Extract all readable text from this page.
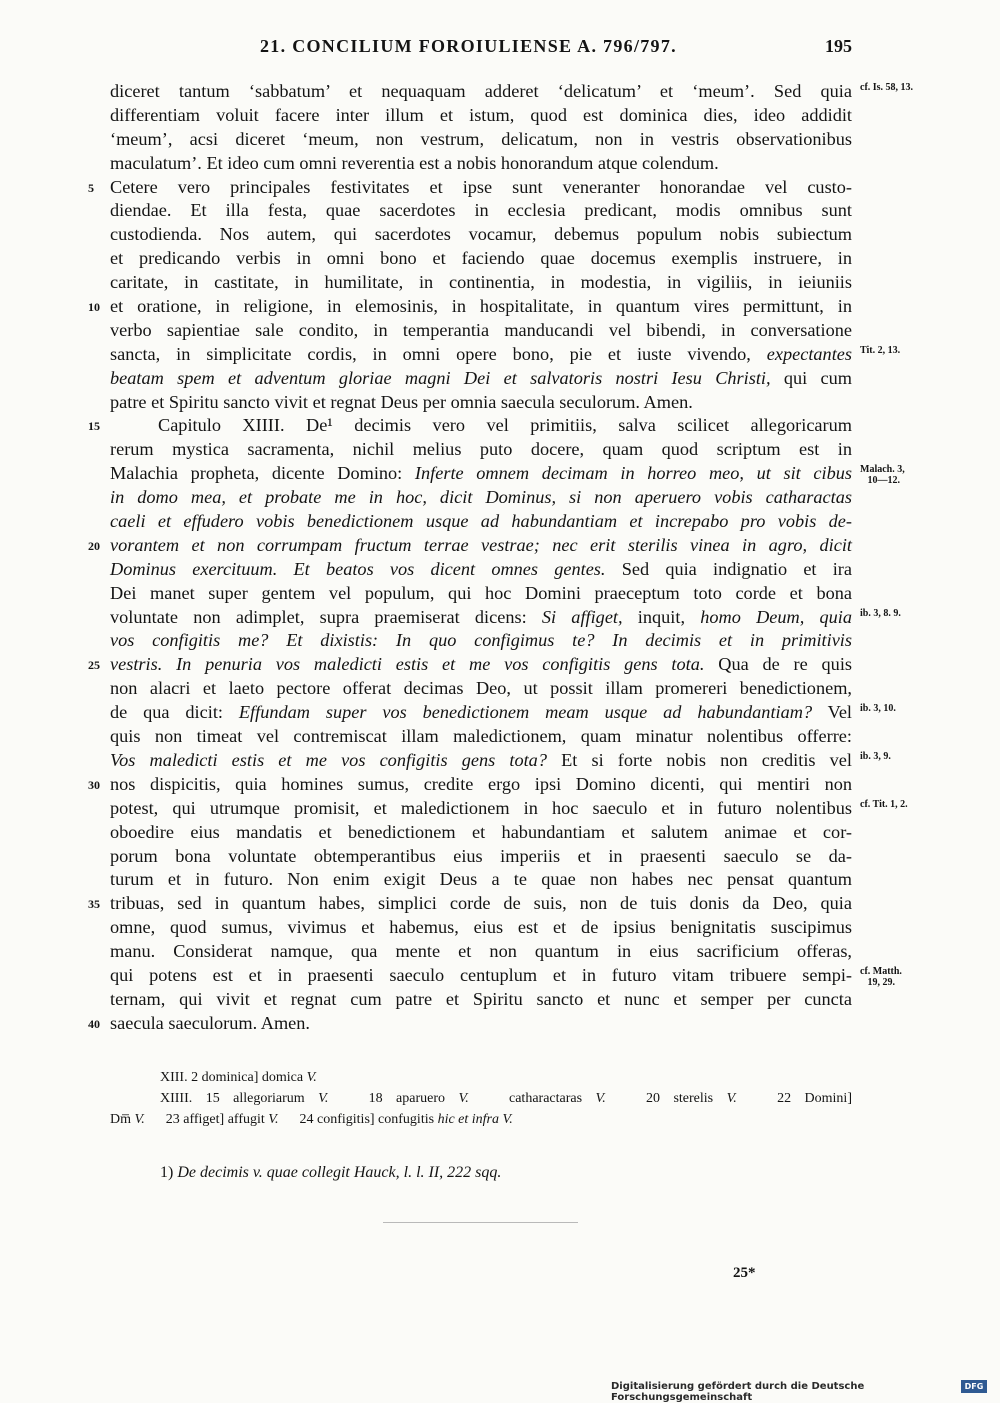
21. CONCILIUM FOROIULIENSE A. 796/797.	195
diceret tantum ‘sabbatum’ et nequaquam adderet ‘delicatum’ et ‘meum’. Sed quia cf. Is. 58, 13.
differentiam voluit facere inter illum et istum, quod est dominica dies, ideo addidit
‘meum’, acsi diceret ‘meum, non vestrum, delicatum, non in vestris observationibus
maculatum’. Et ideo cum omni reverentia est a nobis honorandum atque colendum.
Cetere vero principales festivitates et ipse sunt veneranter honorandae vel custo-
5
diendae. Et illa festa, quae sacerdotes in ecclesia predicant, modis omnibus sunt
custodienda. Nos autem, qui sacerdotes vocamur, debemus populum nobis subiectum
et predicando verbis in omni bono et faciendo quae docemus exemplis instruere, in
caritate, in castitate, in humilitate, in continentia, in modestia, in vigiliis, in ieiuniis
et oratione, in religione, in elemosinis, in hospitalitate, in quantum vires permittunt, in
10
verbo sapientiae sale condito, in temperantia manducandi vel bibendi, in conversatione
sancta, in simplicitate cordis, in omni opere bono, pie et iuste vivendo, expectantes Tit. 2, 13.
beatam spem et adventum gloriae magni Dei et salvatoris nostri Iesu Christi, qui cum
patre et Spiritu sancto vivit et regnat Deus per omnia saecula seculorum. Amen.
Capitulo XIIII. De¹ decimis vero vel primitiis, salva scilicet allegoricarum
15
rerum mystica sacramenta, nichil melius puto docere, quam quod scriptum est in
Malachia propheta, dicente Domino: Inferte omnem decimam in horreo meo, ut sit cibus Malach. 3,
10—12.
in domo mea, et probate me in hoc, dicit Dominus, si non aperuero vobis catharactas
caeli et effudero vobis benedictionem usque ad habundantiam et increpabo pro vobis de-
vorantem et non corrumpam fructum terrae vestrae; nec erit sterilis vinea in agro, dicit
20
Dominus exercituum. Et beatos vos dicent omnes gentes. Sed quia indignatio et ira
Dei manet super gentem vel populum, qui hoc Domini praeceptum toto corde et bona
voluntate non adimplet, supra praemiserat dicens: Si affiget, inquit, homo Deum, quia ib. 3, 8. 9.
vos configitis me? Et dixistis: In quo configimus te? In decimis et in primitivis
vestris. In penuria vos maledicti estis et me vos configitis gens tota. Qua de re quis
25
non alacri et laeto pectore offerat decimas Deo, ut possit illam promereri benedictionem,
de qua dicit: Effundam super vos benedictionem meam usque ad habundantiam? Vel ib. 3, 10.
quis non timeat vel contremiscat illam maledictionem, quam minatur nolentibus offerre:
Vos maledicti estis et me vos configitis gens tota? Et si forte nobis non creditis vel ib. 3, 9.
nos dispicitis, quia homines sumus, credite ergo ipsi Domino dicenti, qui mentiri non
30
potest, qui utrumque promisit, et maledictionem in hoc saeculo et in futuro nolentibus cf. Tit. 1, 2.
oboedire eius mandatis et benedictionem et habundantiam et salutem animae et cor-
porum bona voluntate obtemperantibus eius imperiis et in praesenti saeculo se da-
turum et in futuro. Non enim exigit Deus a te quae non habes nec pensat quantum
tribuas, sed in quantum habes, simplici corde de suis, non de tuis donis da Deo, quia
35
omne, quod sumus, vivimus et habemus, eius est et de ipsius benignitatis suscipimus
manu. Considerat namque, qua mente et non quantum in eius sacrificium offeras,
qui potens est et in praesenti saeculo centuplum et in futuro vitam tribuere sempi- cf. Matth.
19, 29.
ternam, qui vivit et regnat cum patre et Spiritu sancto et nunc et semper per cuncta
saecula saeculorum. Amen.
40
XIII. 2 dominica] domica V.
XIIII. 15 allegoriarum V.   18 aparuero V.   catharactaras V.   20 sterelis V.   22 Domini]
Dm̅ V.      23 affiget] affugit V.      24 configitis] confugitis hic et infra V.
1) De decimis v. quae collegit Hauck, l. l. II, 222 sqq.
25*
Digitalisierung gefördert durch die Deutsche Forschungsgemeinschaft
DFG
